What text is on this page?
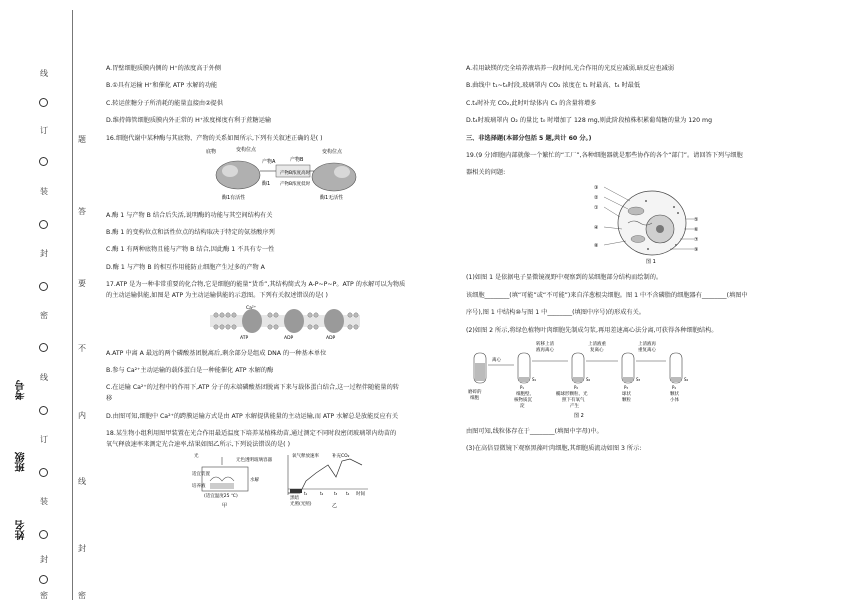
线
订
装
封
密
线
订
装
封
密
题
答
要
不
内
线
封
密
考号
班级
姓名
A.胃壁细胞质膜内侧的 H⁺的浓度高于外侧
B.①具有运输 H⁺和催化 ATP 水解的功能
C.转运蔗糖分子所消耗的能量直接由②提供
D.维持筛管细胞质膜内外正常的 H⁺浓度梯度有利于蔗糖运输
16.细胞代谢中某种酶与其底物、产物的关系如图所示,下列有关叙述正确的是( )
底物	变构位点
产物A
酶1
产物B
变构位点
产物B浓度高时
产物B浓度低时
酶1有活性	酶1无活性
A.酶 1 与产物 B 结合后失活,说明酶的功能与其空间结构有关
B.酶 1 的变构位点和活性位点的结构取决于特定的氨基酸序列
C.酶 1 有两种底物且能与产物 B 结合,因此酶 1 不具有专一性
D.酶 1 与产物 B 的相互作用能防止细胞产生过多的产物 A
17.ATP 是为一种非常重要的化合物,它是细胞的能量“货币”,其结构简式为 A-P~P~P。ATP 的水解可以为物质
的主动运输供能,如图是 ATP 为主动运输供能的示意图。下列有关叙述错误的是( )
Ca²⁺
ATP	ADP	ADP
A.ATP 中离 A 最远的两个磷酸基团脱离后,剩余部分是组成 DNA 的一种基本单位
B.参与 Ca²⁺主动运输的载体蛋白是一种能催化 ATP 水解的酶
C.在运输 Ca²⁺的过程中的作用下,ATP 分子的末端磷酸基团脱离下来与载体蛋白结合,这一过程伴随能量的转
移
D.由图可知,细胞中 Ca²⁺的跨膜运输方式是由 ATP 水解提供能量的主动运输,而 ATP 水解总是放能反应有关
18.某生物小组利用图甲装置在光合作用最适温度下培养某植株幼苗,通过测定不同时段密闭玻璃罩内幼苗的
氧气释放速率来测定光合速率,结果如图乙所示,下列说法错误的是( )
光
适宜装置
培养液
无色透明玻璃容器
水解
(适宜温度25 ℃)
甲
氧气释放速率	补充CO₂
黑暗
光照(光照)
时间
t₁	t₂	t₃ t₄
乙
A.若用缺镁的完全培养液培养一段时间,光合作用的光反应减弱,暗反应也减弱
B.曲线中 t₁~t₄时段,玻璃罩内 CO₂ 浓度在 t₁ 时最高、t₄ 时最低
C.t₄时补充 CO₂,此时叶绿体内 C₃ 的含量将增多
D.t₄时玻璃罩内 O₂ 的量比 t₀ 时增加了 128 mg,则此阶段植株积累葡萄糖的量为 120 mg
三、非选择题(本部分包括 5 题,共计 60 分。)
19.(9 分)细胞内部就像一个繁忙的“工厂”,各种细胞器就是那些协作的各个“部门”。请回答下列与细胞
器相关的问题:
③
②
①
④
⑧
⑤
⑥
⑦
⑨
图 1
(1)如图 1 是依据电子显微镜视野中观察到的某细胞部分结构而绘制的。
该细胞________(填“可能”或“不可能”)来自洋葱根尖细胞。图 1 中不含磷脂的细胞器有________(填图中
序号),图 1 中结构⑩与图 1 中________(填图中序号)的形成有关。
(2)如图 2 所示,将绿色植物叶肉细胞先制成匀浆,再用差速离心法分离,可获得各种细胞结构。
离心
转移上清
液再离心
上清液重
复离心
上清液再
重复离心
S₁	S₂	S₃	S₄
P₁	P₂	P₃	P₄
磨碎的
细胞
细胞壁、
核物质沉
淀
椭球形颗粒、光
照下有氧气
产生
球状
颗粒
颗状
小体
图 2
由图可知,线粒体存在于________(填图中字母)中。
(3)在高倍显微镜下观察黑藻叶肉细胞,其细胞质流动如图 3 所示:
